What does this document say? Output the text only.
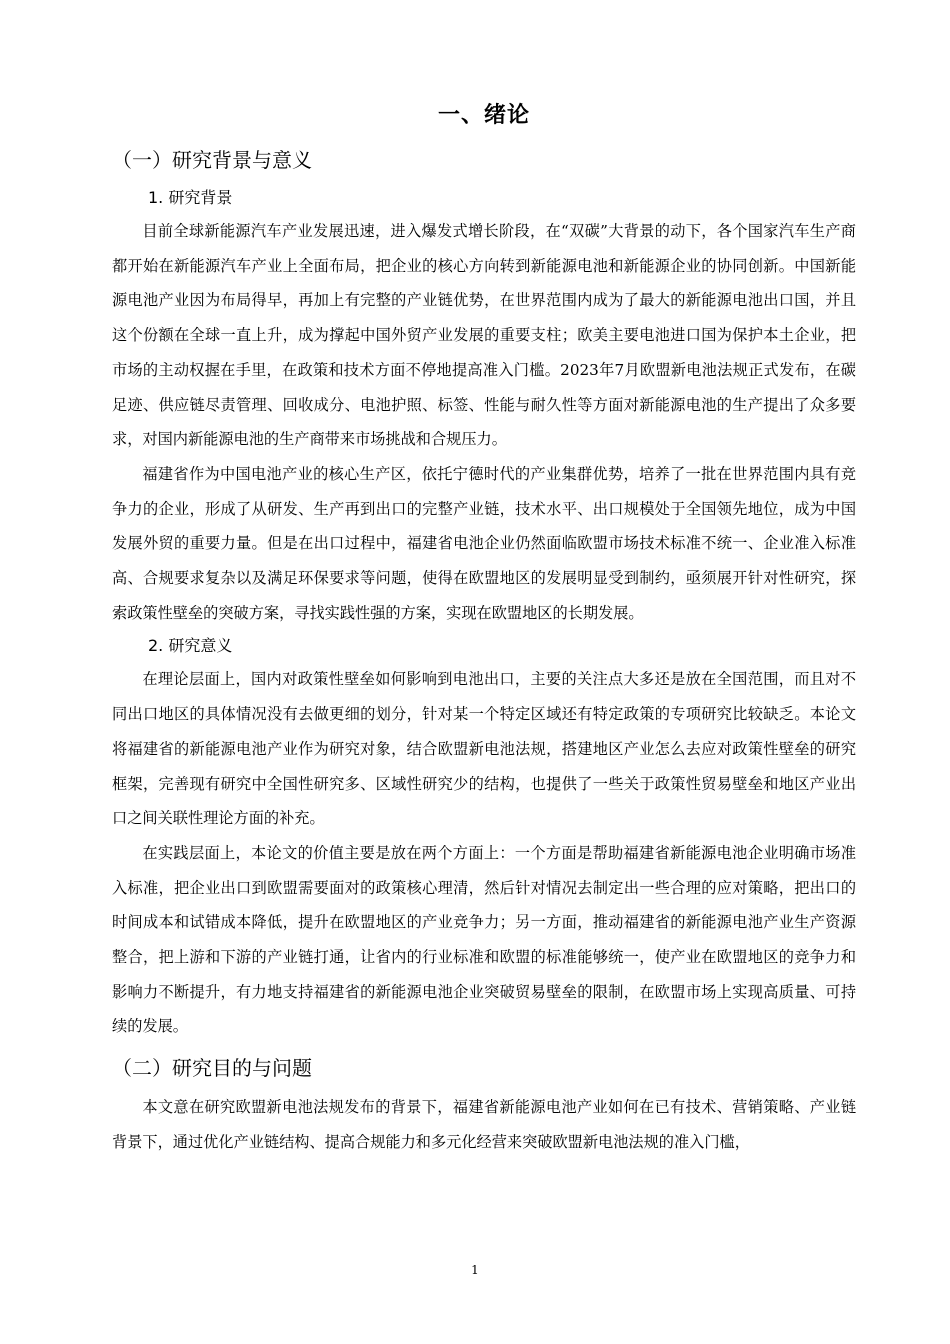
一、绪论
（一）研究背景与意义
1. 研究背景

目前全球新能源汽车产业发展迅速，进入爆发式增长阶段，在“双碳”大背景的动下，各个国家汽车生产商都开始在新能源汽车产业上全面布局，把企业的核心方向转到新能源电池和新能源企业的协同创新。中国新能源电池产业因为布局得早，再加上有完整的产业链优势，在世界范围内成为了最大的新能源电池出口国，并且这个份额在全球一直上升，成为撑起中国外贸产业发展的重要支柱；欧美主要电池进口国为保护本土企业，把市场的主动权握在手里，在政策和技术方面不停地提高准入门槛。2023年7月欧盟新电池法规正式发布，在碳足迹、供应链尽责管理、回收成分、电池护照、标签、性能与耐久性等方面对新能源电池的生产提出了众多要求，对国内新能源电池的生产商带来市场挑战和合规压力。

福建省作为中国电池产业的核心生产区，依托宁德时代的产业集群优势，培养了一批在世界范围内具有竞争力的企业，形成了从研发、生产再到出口的完整产业链，技术水平、出口规模处于全国领先地位，成为中国发展外贸的重要力量。但是在出口过程中，福建省电池企业仍然面临欧盟市场技术标准不统一、企业准入标准高、合规要求复杂以及满足环保要求等问题，使得在欧盟地区的发展明显受到制约，亟须展开针对性研究，探索政策性壁垒的突破方案，寻找实践性强的方案，实现在欧盟地区的长期发展。

2. 研究意义

在理论层面上，国内对政策性壁垒如何影响到电池出口，主要的关注点大多还是放在全国范围，而且对不同出口地区的具体情况没有去做更细的划分，针对某一个特定区域还有特定政策的专项研究比较缺乏。本论文将福建省的新能源电池产业作为研究对象，结合欧盟新电池法规，搭建地区产业怎么去应对政策性壁垒的研究框架，完善现有研究中全国性研究多、区域性研究少的结构，也提供了一些关于政策性贸易壁垒和地区产业出口之间关联性理论方面的补充。

在实践层面上，本论文的价值主要是放在两个方面上：一个方面是帮助福建省新能源电池企业明确市场准入标准，把企业出口到欧盟需要面对的政策核心理清，然后针对情况去制定出一些合理的应对策略，把出口的时间成本和试错成本降低，提升在欧盟地区的产业竞争力；另一方面，推动福建省的新能源电池产业生产资源整合，把上游和下游的产业链打通，让省内的行业标准和欧盟的标准能够统一，使产业在欧盟地区的竞争力和影响力不断提升，有力地支持福建省的新能源电池企业突破贸易壁垒的限制，在欧盟市场上实现高质量、可持续的发展。

（二）研究目的与问题

本文意在研究欧盟新电池法规发布的背景下，福建省新能源电池产业如何在已有技术、营销策略、产业链背景下，通过优化产业链结构、提高合规能力和多元化经营来突破欧盟新电池法规的准入门槛，

1
